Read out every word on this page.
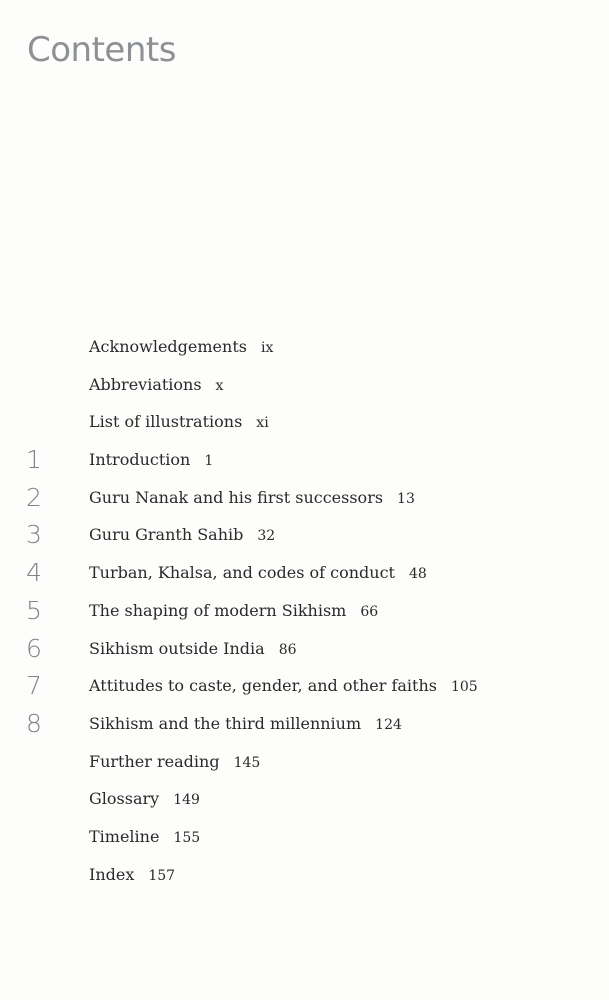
Contents
Acknowledgements ix
Abbreviations x
List of illustrations xi
1	Introduction 1
2	Guru Nanak and his first successors 13
3	Guru Granth Sahib 32
4	Turban, Khalsa, and codes of conduct 48
5	The shaping of modern Sikhism 66
6	Sikhism outside India 86
7	Attitudes to caste, gender, and other faiths 105
8	Sikhism and the third millennium 124
Further reading 145
Glossary 149
Timeline 155
Index 157
